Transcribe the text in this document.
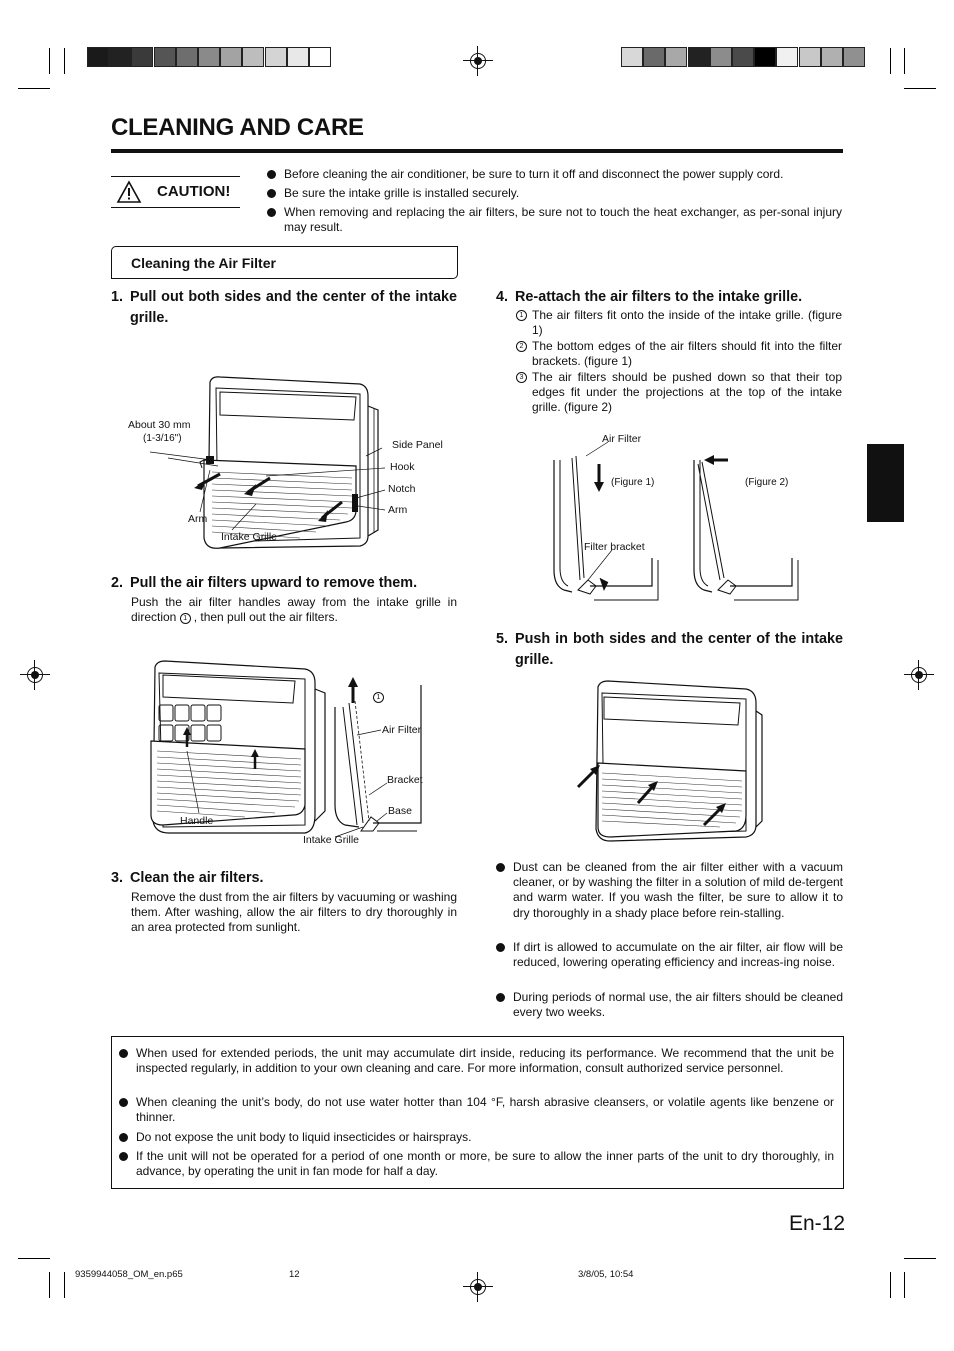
CLEANING AND CARE
CAUTION!
Before cleaning the air conditioner, be sure to turn it off and disconnect the power supply cord.
Be sure the intake grille is installed securely.
When removing and replacing the air filters, be sure not to touch the heat exchanger, as per-sonal injury may result.
Cleaning the Air Filter
1. Pull out both sides and the center of the intake grille.
About 30 mm
(1-3/16")
Side Panel
Hook
Notch
Arm
Arm
Intake Grille
2. Pull the air filters upward to remove them.
Push the air filter handles away from the intake grille in direction 1 , then pull out the air filters.
1
Air Filter
Bracket
Base
Handle
Intake Grille
3. Clean the air filters.
Remove the dust from the air filters by vacuuming or washing them. After washing, allow the air filters to dry thoroughly in an area protected from sunlight.
4. Re-attach the air filters to the intake grille.
1 The air filters fit onto the inside of the intake grille. (figure 1)
2 The bottom edges of the air filters should fit into the filter brackets. (figure 1)
3 The air filters should be pushed down so that their top edges fit under the projections at the top of the intake grille. (figure 2)
Air Filter
(Figure 1)	(Figure 2)
Filter bracket
5. Push in both sides and the center of the intake grille.
Dust can be cleaned from the air filter either with a vacuum cleaner, or by washing the filter in a solution of mild de-tergent and warm water. If you wash the filter, be sure to allow it to dry thoroughly in a shady place before rein-stalling.
If dirt is allowed to accumulate on the air filter, air flow will be reduced, lowering operating efficiency and increas-ing noise.
During periods of normal use, the air filters should be cleaned every two weeks.
When used for extended periods, the unit may accumulate dirt inside, reducing its performance. We recommend that the unit be inspected regularly, in addition to your own cleaning and care. For more information, consult authorized service personnel.
When cleaning the unit’s body, do not use water hotter than 104 °F, harsh abrasive cleansers, or volatile agents like benzene or thinner.
Do not expose the unit body to liquid insecticides or hairsprays.
If the unit will not be operated for a period of one month or more, be sure to allow the inner parts of the unit to dry thoroughly, in advance, by operating the unit in fan mode for half a day.
En-12
9359944058_OM_en.p65	12	3/8/05, 10:54
